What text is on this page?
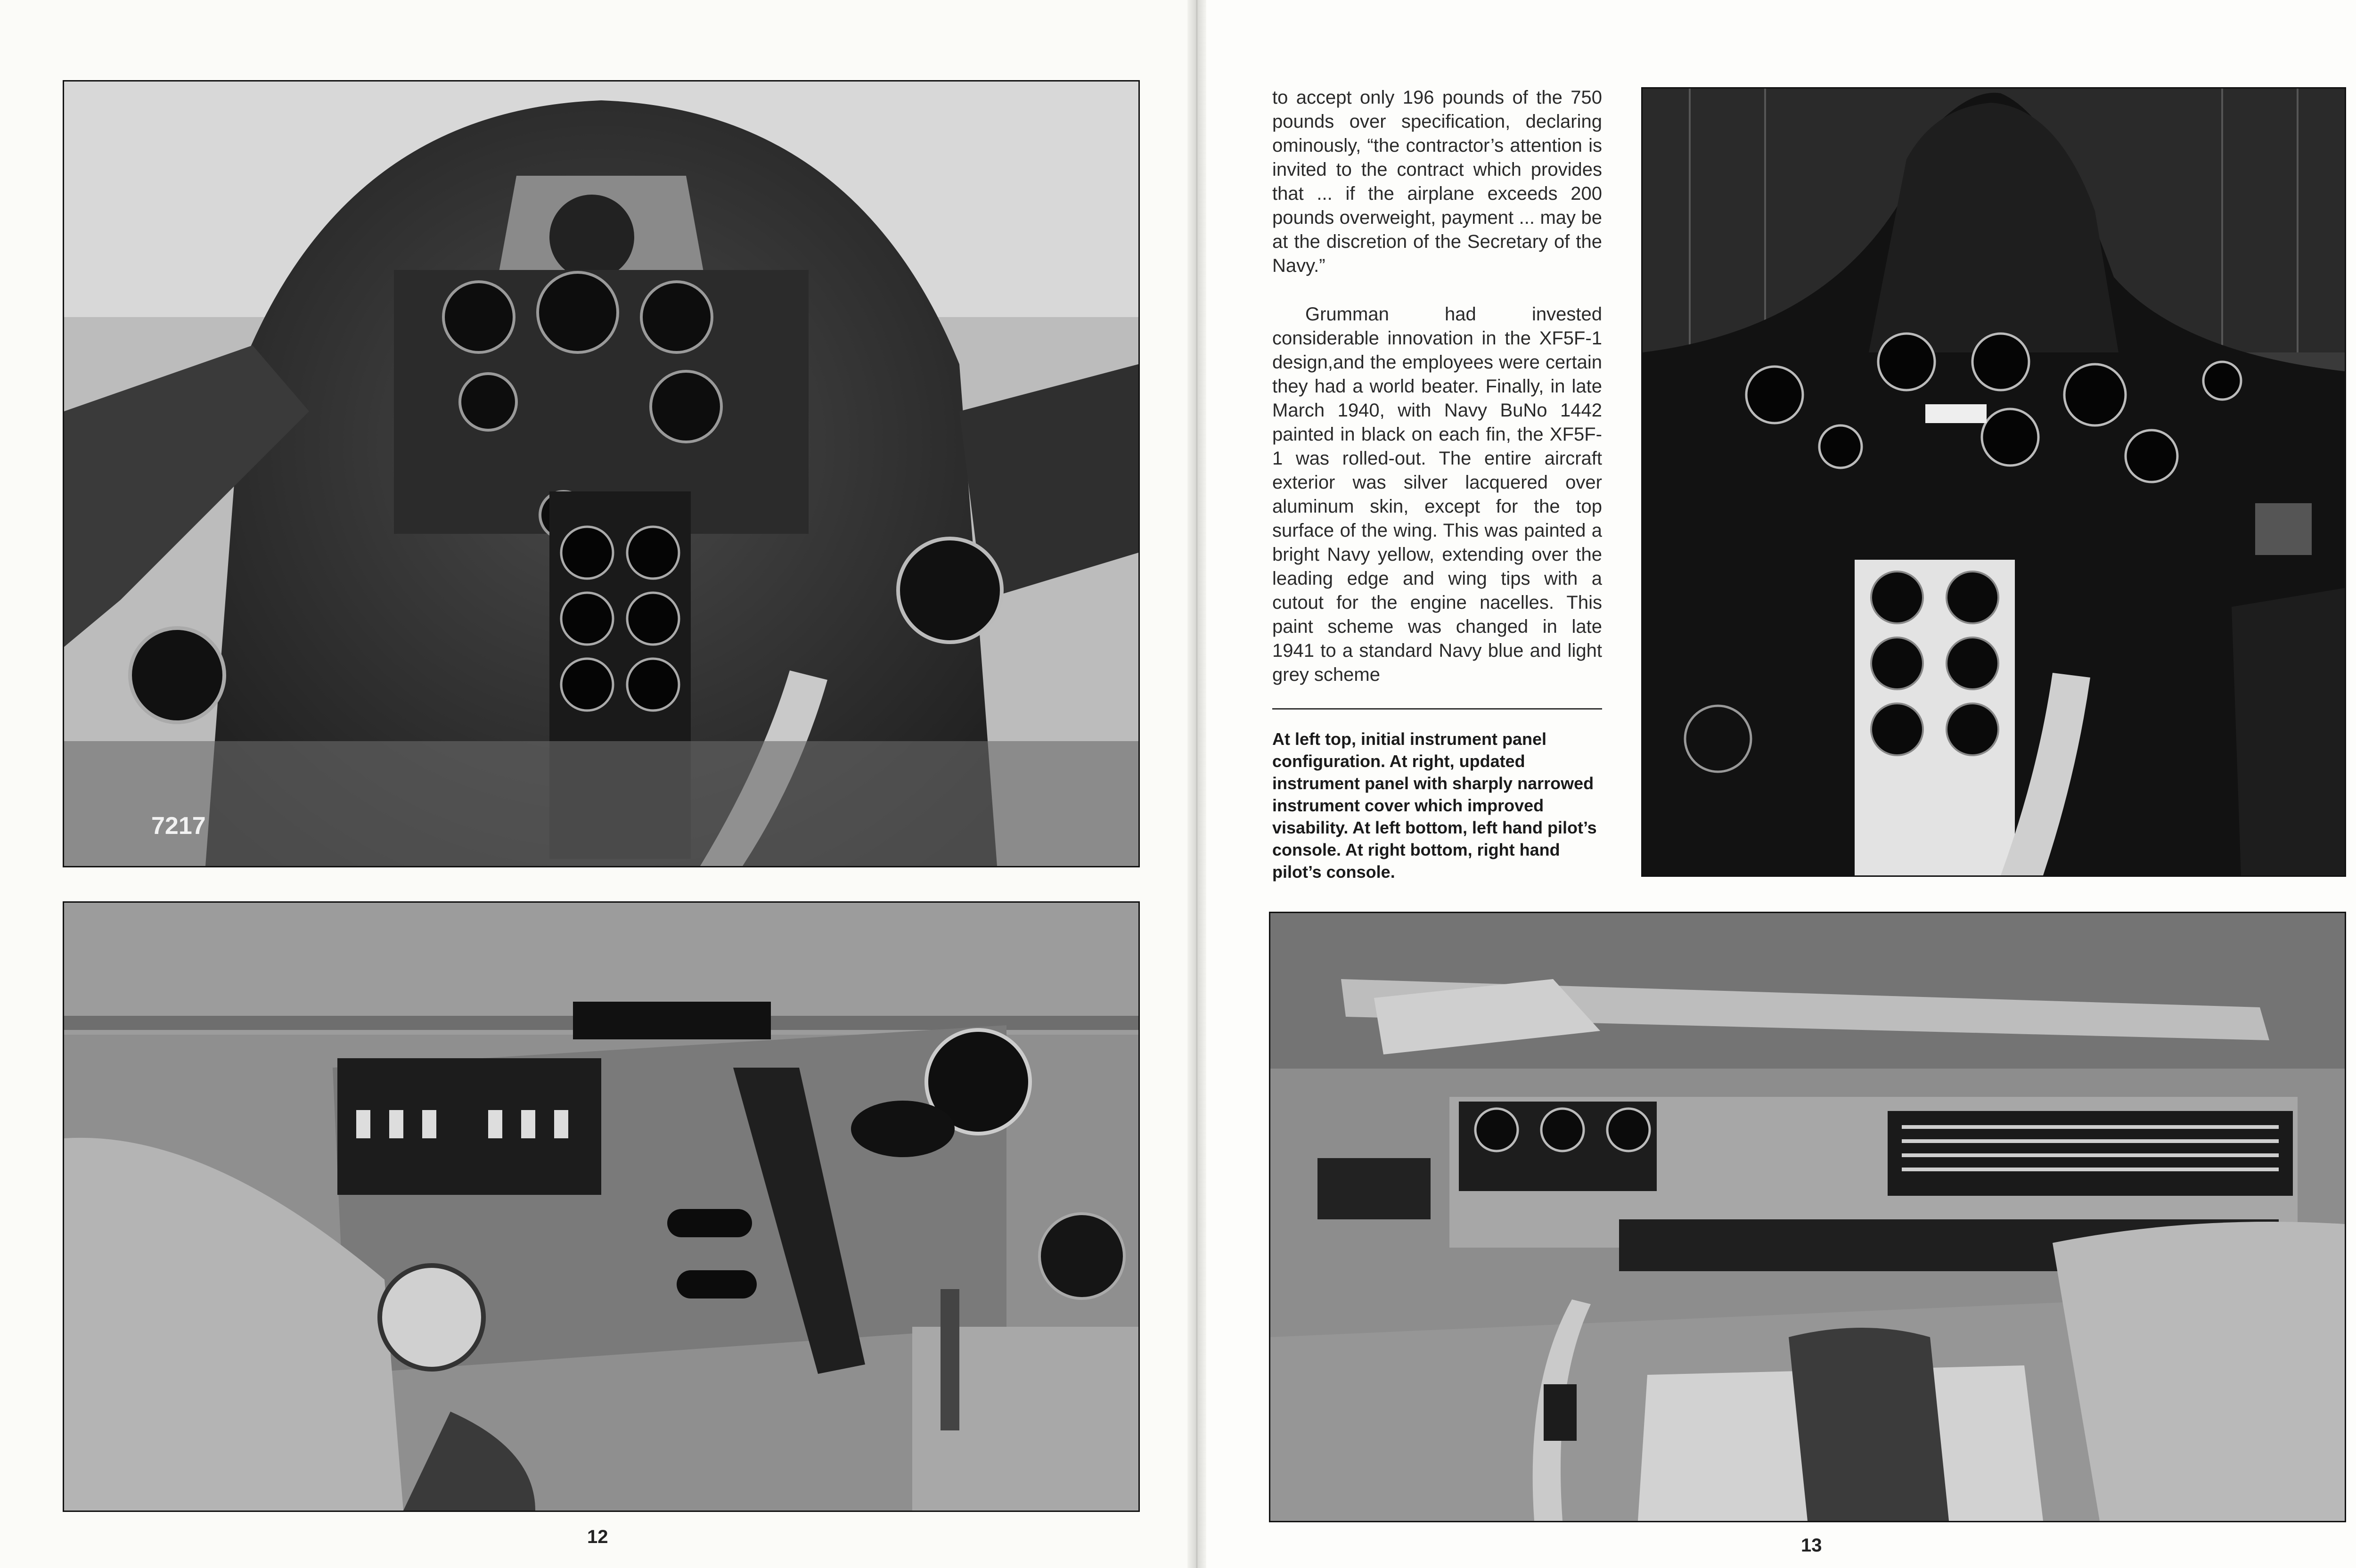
7217

to accept only 196 pounds of the 750 pounds over specification, declaring ominously, “the contractor’s attention is invited to the contract which provides that ... if the airplane exceeds 200 pounds overweight, payment ... may be at the discretion of the Secretary of the Navy.”

Grumman had invested considerable innovation in the XF5F-1 design,and the employees were certain they had a world beater. Finally, in late March 1940, with Navy BuNo 1442 painted in black on each fin, the XF5F-1 was rolled-out. The entire aircraft exterior was silver lacquered over aluminum skin, except for the top surface of the wing. This was painted a bright Navy yellow, extending over the leading edge and wing tips with a cutout for the engine nacelles. This paint scheme was changed in late 1941 to a standard Navy blue and light grey scheme

At left top, initial instrument panel configuration. At right, updated instrument panel with sharply narrowed instrument cover which improved visability. At left bottom, left hand pilot’s console. At right bottom, right hand pilot’s console.
12	13
